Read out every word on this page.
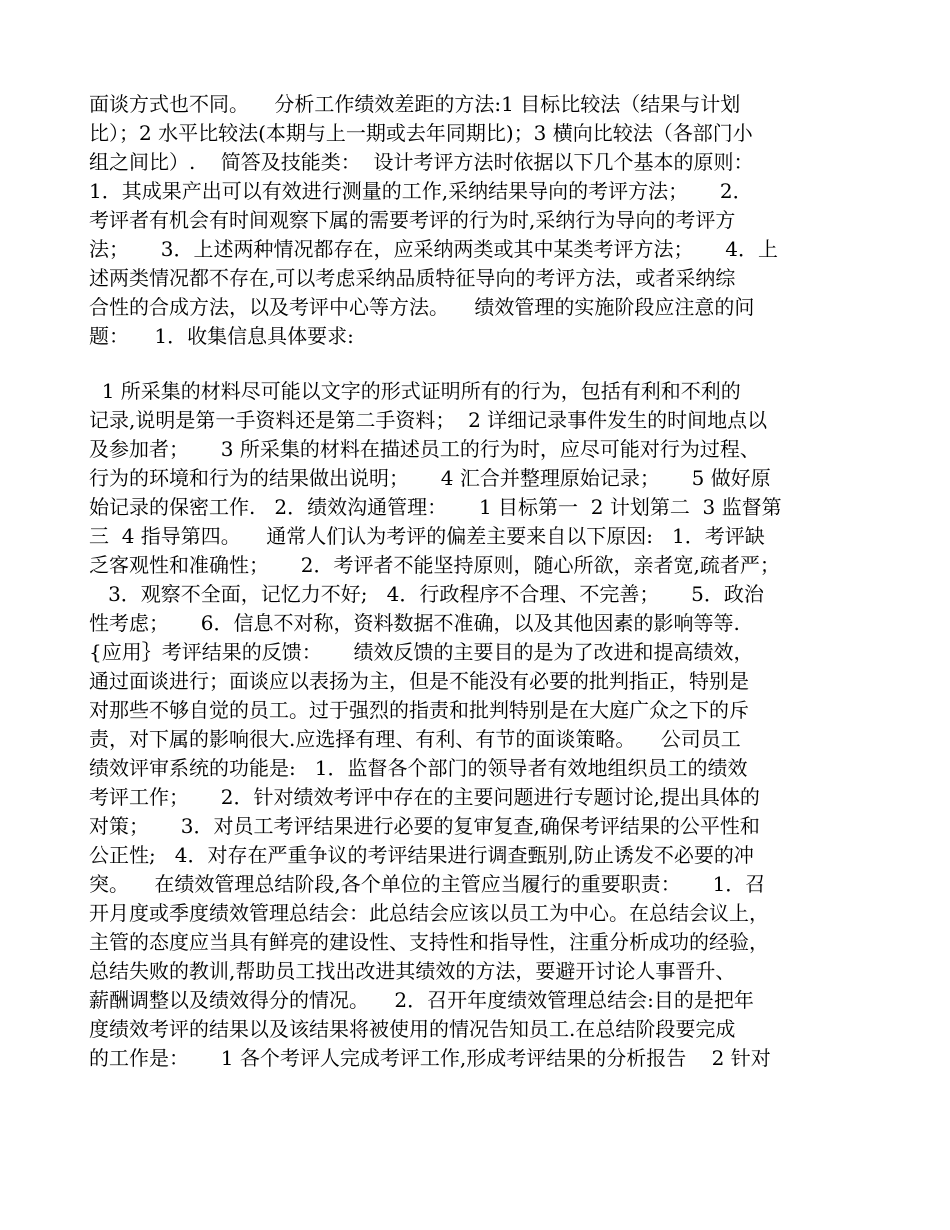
面谈方式也不同。    分析工作绩效差距的方法:1 目标比较法（结果与计划
比）；2 水平比较法(本期与上一期或去年同期比)；3 横向比较法（各部门小
组之间比）.    简答及技能类：  设计考评方法时依据以下几个基本的原则：
1．其成果产出可以有效进行测量的工作,采纳结果导向的考评方法；     2．
考评者有机会有时间观察下属的需要考评的行为时,采纳行为导向的考评方
法；     3．上述两种情况都存在，应采纳两类或其中某类考评方法；     4．上
述两类情况都不存在,可以考虑采纳品质特征导向的考评方法，或者采纳综
合性的合成方法，以及考评中心等方法。    绩效管理的实施阶段应注意的问
题：    1．收集信息具体要求:
1 所采集的材料尽可能以文字的形式证明所有的行为，包括有利和不利的
记录,说明是第一手资料还是第二手资料；  2 详细记录事件发生的时间地点以
及参加者；     3 所采集的材料在描述员工的行为时，应尽可能对行为过程、
行为的环境和行为的结果做出说明；     4 汇合并整理原始记录；     5 做好原
始记录的保密工作.   2．绩效沟通管理：     1 目标第一  2 计划第二  3 监督第
三  4 指导第四。    通常人们认为考评的偏差主要来自以下原因:   1．考评缺
乏客观性和准确性；     2．考评者不能坚持原则，随心所欲，亲者宽,疏者严；
3．观察不全面，记忆力不好;   4．行政程序不合理、不完善；     5．政治
性考虑；     6．信息不对称，资料数据不准确，以及其他因素的影响等等.
{应用｝考评结果的反馈：     绩效反馈的主要目的是为了改进和提高绩效，
通过面谈进行；面谈应以表扬为主，但是不能没有必要的批判指正，特别是
对那些不够自觉的员工。过于强烈的指责和批判特别是在大庭广众之下的斥
责，对下属的影响很大.应选择有理、有利、有节的面谈策略。    公司员工
绩效评审系统的功能是:   1．监督各个部门的领导者有效地组织员工的绩效
考评工作；     2．针对绩效考评中存在的主要问题进行专题讨论,提出具体的
对策；     3．对员工考评结果进行必要的复审复查,确保考评结果的公平性和
公正性;   4．对存在严重争议的考评结果进行调查甄别,防止诱发不必要的冲
突。    在绩效管理总结阶段,各个单位的主管应当履行的重要职责：     1．召
开月度或季度绩效管理总结会：此总结会应该以员工为中心。在总结会议上，
主管的态度应当具有鲜亮的建设性、支持性和指导性，注重分析成功的经验，
总结失败的教训,帮助员工找出改进其绩效的方法，要避开讨论人事晋升、
薪酬调整以及绩效得分的情况。    2．召开年度绩效管理总结会:目的是把年
度绩效考评的结果以及该结果将被使用的情况告知员工.在总结阶段要完成
的工作是：     1 各个考评人完成考评工作,形成考评结果的分析报告    2 针对
